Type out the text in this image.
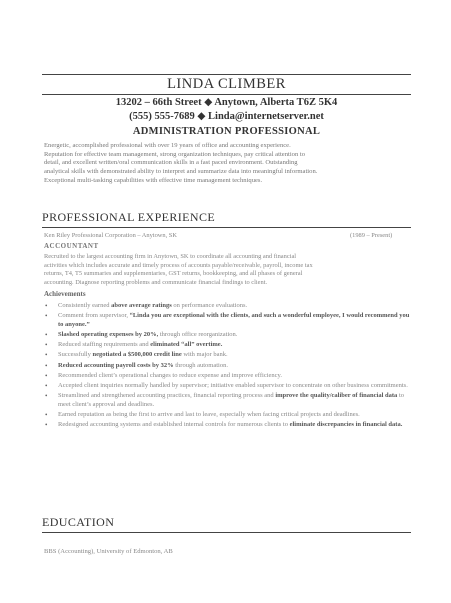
LINDA CLIMBER
13202 – 66th Street ◆ Anytown, Alberta T6Z 5K4
(555) 555-7689 ◆ Linda@internetserver.net
ADMINISTRATION PROFESSIONAL
Energetic, accomplished professional with over 19 years of office and accounting experience.
Reputation for effective team management, strong organization techniques, pay critical attention to
detail, and excellent written/oral communication skills in a fast paced environment. Outstanding
analytical skills with demonstrated ability to interpret and summarize data into meaningful information.
Exceptional multi-tasking capabilities with effective time management techniques.
PROFESSIONAL EXPERIENCE
Ken Riley Professional Corporation – Anytown, SK	(1989 – Present)
ACCOUNTANT
Recruited to the largest accounting firm in Anytown, SK to coordinate all accounting and financial
activities which includes accurate and timely process of accounts payable/receivable, payroll, income tax
returns, T4, T5 summaries and supplementaries, GST returns, bookkeeping, and all phases of general
accounting. Diagnose reporting problems and communicate financial findings to client.
Achievements
• Consistently earned above average ratings on performance evaluations.
• Comment from supervisor, “Linda you are exceptional with the clients, and such a wonderful employee, I would recommend you to anyone.”
• Slashed operating expenses by 20%, through office reorganization.
• Reduced staffing requirements and eliminated “all” overtime.
• Successfully negotiated a $500,000 credit line with major bank.
• Reduced accounting payroll costs by 32% through automation.
• Recommended client’s operational changes to reduce expense and improve efficiency.
• Accepted client inquiries normally handled by supervisor; initiative enabled supervisor to concentrate on other business commitments.
• Streamlined and strengthened accounting practices, financial reporting process and improve the quality/caliber of financial data to meet client’s approval and deadlines.
• Earned reputation as being the first to arrive and last to leave, especially when facing critical projects and deadlines.
• Redesigned accounting systems and established internal controls for numerous clients to eliminate discrepancies in financial data.
EDUCATION
BBS (Accounting), University of Edmonton, AB
